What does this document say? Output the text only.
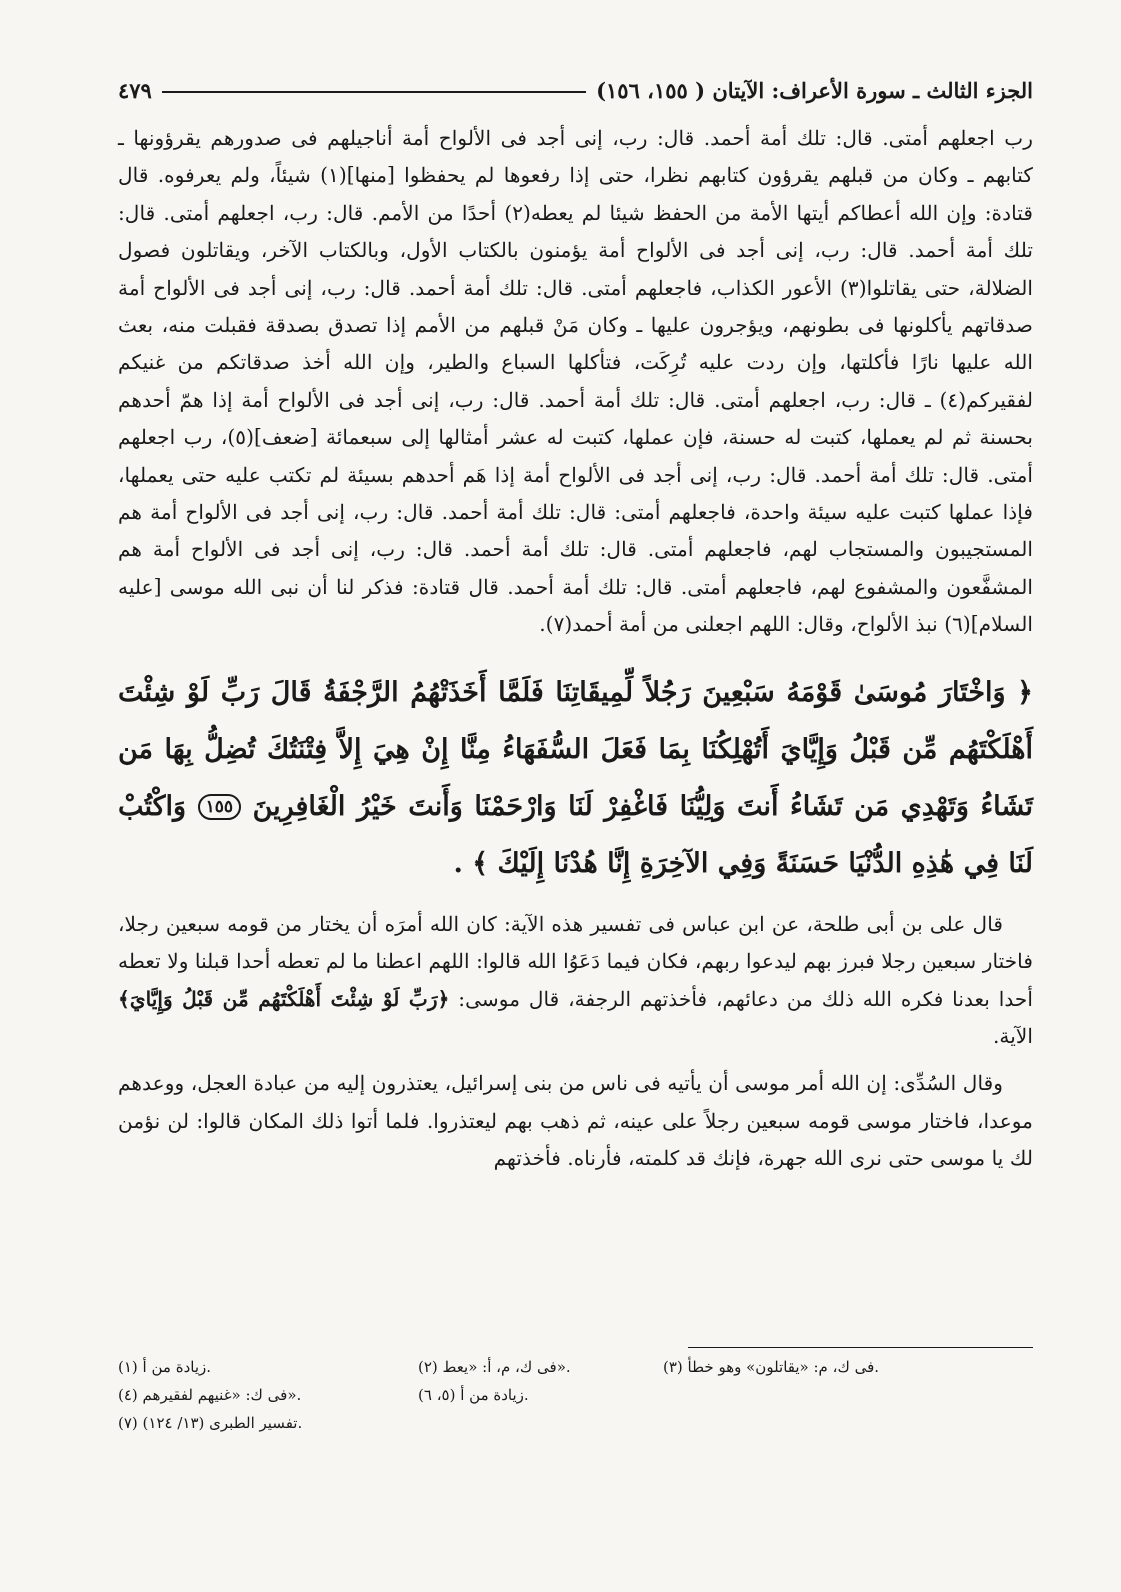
الجزء الثالث ـ سورة الأعراف: الآيتان ( ١٥٥، ١٥٦)
٤٧٩

رب اجعلهم أمتى. قال: تلك أمة أحمد. قال: رب، إنى أجد فى الألواح أمة أناجيلهم فى صدورهم يقرؤونها ـ كتابهم ـ وكان من قبلهم يقرؤون كتابهم نظرا، حتى إذا رفعوها لم يحفظوا [منها](١) شيئاً، ولم يعرفوه. قال قتادة: وإن الله أعطاكم أيتها الأمة من الحفظ شيئا لم يعطه(٢) أحدًا من الأمم. قال: رب، اجعلهم أمتى. قال: تلك أمة أحمد. قال: رب، إنى أجد فى الألواح أمة يؤمنون بالكتاب الأول، وبالكتاب الآخر، ويقاتلون فصول الضلالة، حتى يقاتلوا(٣) الأعور الكذاب، فاجعلهم أمتى. قال: تلك أمة أحمد. قال: رب، إنى أجد فى الألواح أمة صدقاتهم يأكلونها فى بطونهم، ويؤجرون عليها ـ وكان مَنْ قبلهم من الأمم إذا تصدق بصدقة فقبلت منه، بعث الله عليها نارًا فأكلتها، وإن ردت عليه تُرِكَت، فتأكلها السباع والطير، وإن الله أخذ صدقاتكم من غنيكم لفقيركم(٤) ـ قال: رب، اجعلهم أمتى. قال: تلك أمة أحمد. قال: رب، إنى أجد فى الألواح أمة إذا همّ أحدهم بحسنة ثم لم يعملها، كتبت له حسنة، فإن عملها، كتبت له عشر أمثالها إلى سبعمائة [ضعف](٥)، رب اجعلهم أمتى. قال: تلك أمة أحمد. قال: رب، إنى أجد فى الألواح أمة إذا هَم أحدهم بسيئة لم تكتب عليه حتى يعملها، فإذا عملها كتبت عليه سيئة واحدة، فاجعلهم أمتى: قال: تلك أمة أحمد. قال: رب، إنى أجد فى الألواح أمة هم المستجيبون والمستجاب لهم، فاجعلهم أمتى. قال: تلك أمة أحمد. قال: رب، إنى أجد فى الألواح أمة هم المشفَّعون والمشفوع لهم، فاجعلهم أمتى. قال: تلك أمة أحمد. قال قتادة: فذكر لنا أن نبى الله موسى [عليه السلام](٦) نبذ الألواح، وقال: اللهم اجعلنى من أمة أحمد(٧).

﴿ وَاخْتَارَ مُوسَىٰ قَوْمَهُ سَبْعِينَ رَجُلاً لِّمِيقَاتِنَا فَلَمَّا أَخَذَتْهُمُ الرَّجْفَةُ قَالَ رَبِّ لَوْ شِئْتَ أَهْلَكْتَهُم مِّن قَبْلُ وَإِيَّايَ أَتُهْلِكُنَا بِمَا فَعَلَ السُّفَهَاءُ مِنَّا إِنْ هِيَ إِلاَّ فِتْنَتُكَ تُضِلُّ بِهَا مَن تَشَاءُ وَتَهْدِي مَن تَشَاءُ أَنتَ وَلِيُّنَا فَاغْفِرْ لَنَا وَارْحَمْنَا وَأَنتَ خَيْرُ الْغَافِرِينَ ١٥٥ وَاكْتُبْ لَنَا فِي هَٰذِهِ الدُّنْيَا حَسَنَةً وَفِي الآخِرَةِ إِنَّا هُدْنَا إِلَيْكَ ﴾ .

قال على بن أبى طلحة، عن ابن عباس فى تفسير هذه الآية: كان الله أمرَه أن يختار من قومه سبعين رجلا، فاختار سبعين رجلا فبرز بهم ليدعوا ربهم، فكان فيما دَعَوُا الله قالوا: اللهم اعطنا ما لم تعطه أحدا قبلنا ولا تعطه أحدا بعدنا فكره الله ذلك من دعائهم، فأخذتهم الرجفة، قال موسى: ﴿رَبِّ لَوْ شِئْتَ أَهْلَكْتَهُم مِّن قَبْلُ وَإِيَّايَ﴾ الآية.

وقال السُدِّى: إن الله أمر موسى أن يأتيه فى ناس من بنى إسرائيل، يعتذرون إليه من عبادة العجل، ووعدهم موعدا، فاختار موسى قومه سبعين رجلاً على عينه، ثم ذهب بهم ليعتذروا. فلما أتوا ذلك المكان قالوا: لن نؤمن لك يا موسى حتى نرى الله جهرة، فإنك قد كلمته، فأرناه. فأخذتهم

(١) زيادة من أ.	(٢) فى ك، م، أ: «يعط».	(٣) فى ك، م: «يقاتلون» وهو خطأ.
(٤) فى ك: «غنيهم لفقيرهم».	(٥، ٦) زيادة من أ.
(٧) تفسير الطبرى (١٣/ ١٢٤).
